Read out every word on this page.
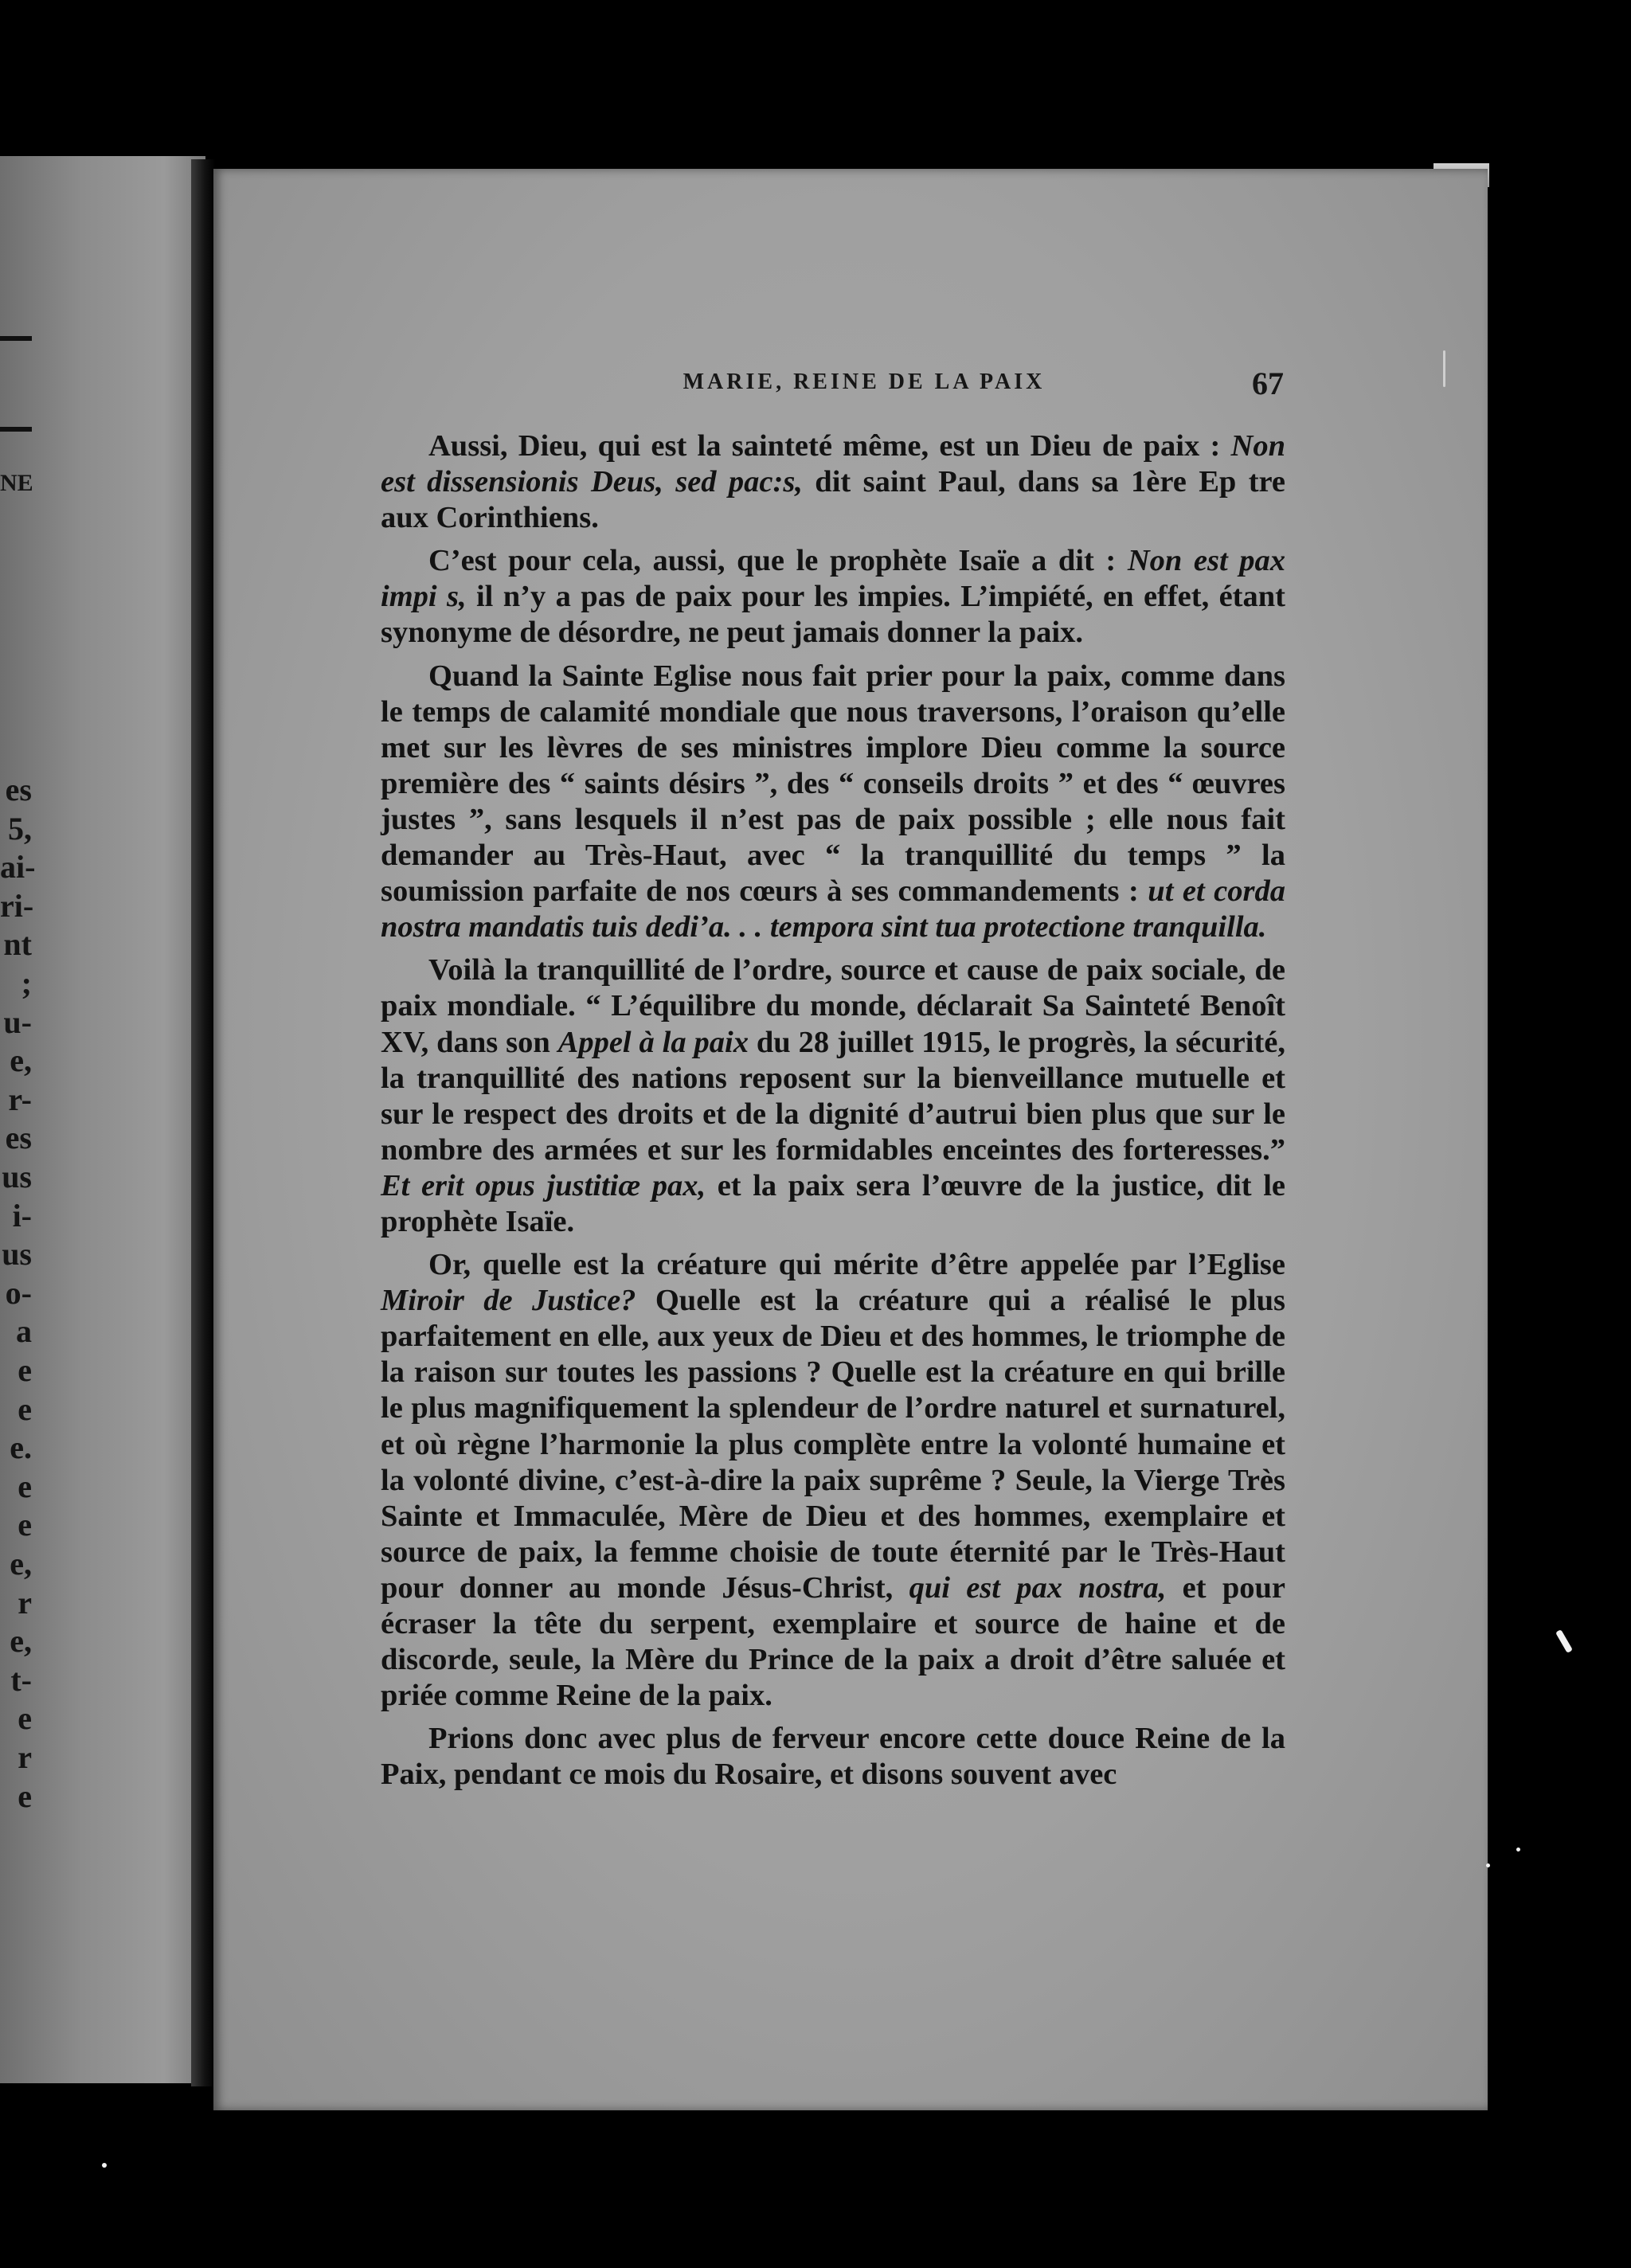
NE
es
5,
ai-
ri-
nt
;
u-
e,
r-
es
us
i-
us
o-
a
e
e
e.
e
e
e,
r
e,
t-
e
r
e
MARIE, REINE DE LA PAIX	67

Aussi, Dieu, qui est la sainteté même, est un Dieu de paix : Non est dissensionis Deus, sed pac:s, dit saint Paul, dans sa 1ère Ep tre aux Corinthiens.

C’est pour cela, aussi, que le prophète Isaïe a dit : Non est pax impi s, il n’y a pas de paix pour les impies. L’impiété, en effet, étant synonyme de désordre, ne peut jamais donner la paix.

Quand la Sainte Eglise nous fait prier pour la paix, comme dans le temps de calamité mondiale que nous traversons, l’oraison qu’elle met sur les lèvres de ses ministres implore Dieu comme la source première des “ saints désirs ”, des “ conseils droits ” et des “ œuvres justes ”, sans lesquels il n’est pas de paix possible ; elle nous fait demander au Très-Haut, avec “ la tranquillité du temps ” la soumission parfaite de nos cœurs à ses commandements : ut et corda nostra mandatis tuis dedi’a. . . tempora sint tua protectione tranquilla.

Voilà la tranquillité de l’ordre, source et cause de paix sociale, de paix mondiale. “ L’équilibre du monde, déclarait Sa Sainteté Benoît XV, dans son Appel à la paix du 28 juillet 1915, le progrès, la sécurité, la tranquillité des nations reposent sur la bienveillance mutuelle et sur le respect des droits et de la dignité d’autrui bien plus que sur le nombre des armées et sur les formidables enceintes des forteresses.” Et erit opus justitiæ pax, et la paix sera l’œuvre de la justice, dit le prophète Isaïe.

Or, quelle est la créature qui mérite d’être appelée par l’Eglise Miroir de Justice? Quelle est la créature qui a réalisé le plus parfaitement en elle, aux yeux de Dieu et des hommes, le triomphe de la raison sur toutes les passions ? Quelle est la créature en qui brille le plus magnifiquement la splendeur de l’ordre naturel et surnaturel, et où règne l’harmonie la plus complète entre la volonté humaine et la volonté divine, c’est-à-dire la paix suprême ? Seule, la Vierge Très Sainte et Immaculée, Mère de Dieu et des hommes, exemplaire et source de paix, la femme choisie de toute éternité par le Très-Haut pour donner au monde Jésus-Christ, qui est pax nostra, et pour écraser la tête du serpent, exemplaire et source de haine et de discorde, seule, la Mère du Prince de la paix a droit d’être saluée et priée comme Reine de la paix.

Prions donc avec plus de ferveur encore cette douce Reine de la Paix, pendant ce mois du Rosaire, et disons souvent avec
